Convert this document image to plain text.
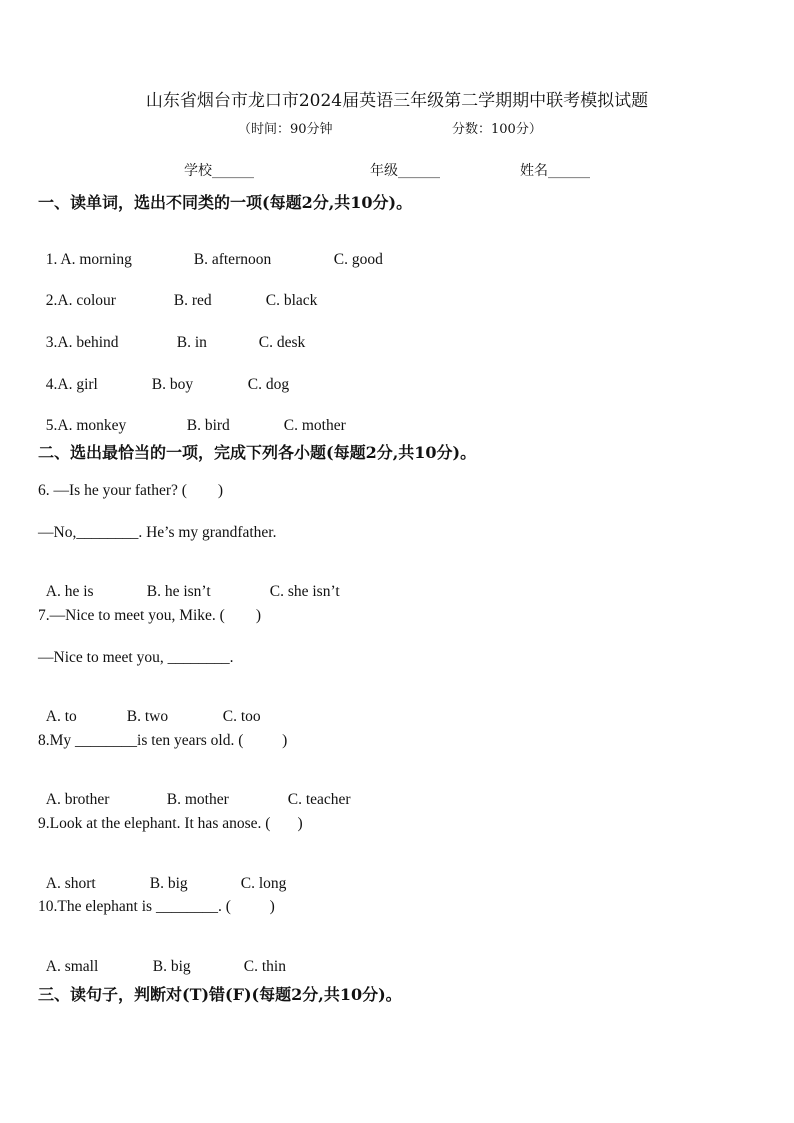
山东省烟台市龙口市2024届英语三年级第二学期期中联考模拟试题
（时间：90分钟	分数：100分）
学校______	年级______	姓名______
一、读单词，选出不同类的一项(每题2分,共10分)。

1. A. morning	B. afternoon	C. good

2.A. colour	B. red	C. black

3.A. behind	B. in	C. desk

4.A. girl	B. boy	C. dog

5.A. monkey	B. bird	C. mother

二、选出最恰当的一项，完成下列各小题(每题2分,共10分)。
6. —Is he your father? (        )
—No,________. He’s my grandfather.

A. he is	B. he isn’t	C. she isn’t

7.—Nice to meet you, Mike. (        )
—Nice to meet you, ________.

A. to	B. two	C. too

8.My ________is ten years old. (          )

A. brother	B. mother	C. teacher

9.Look at the elephant. It has anose. (       )

A. short	B. big	C. long

10.The elephant is ________. (          )

A. small	B. big	C. thin

三、读句子，判断对(T)错(F)(每题2分,共10分)。
